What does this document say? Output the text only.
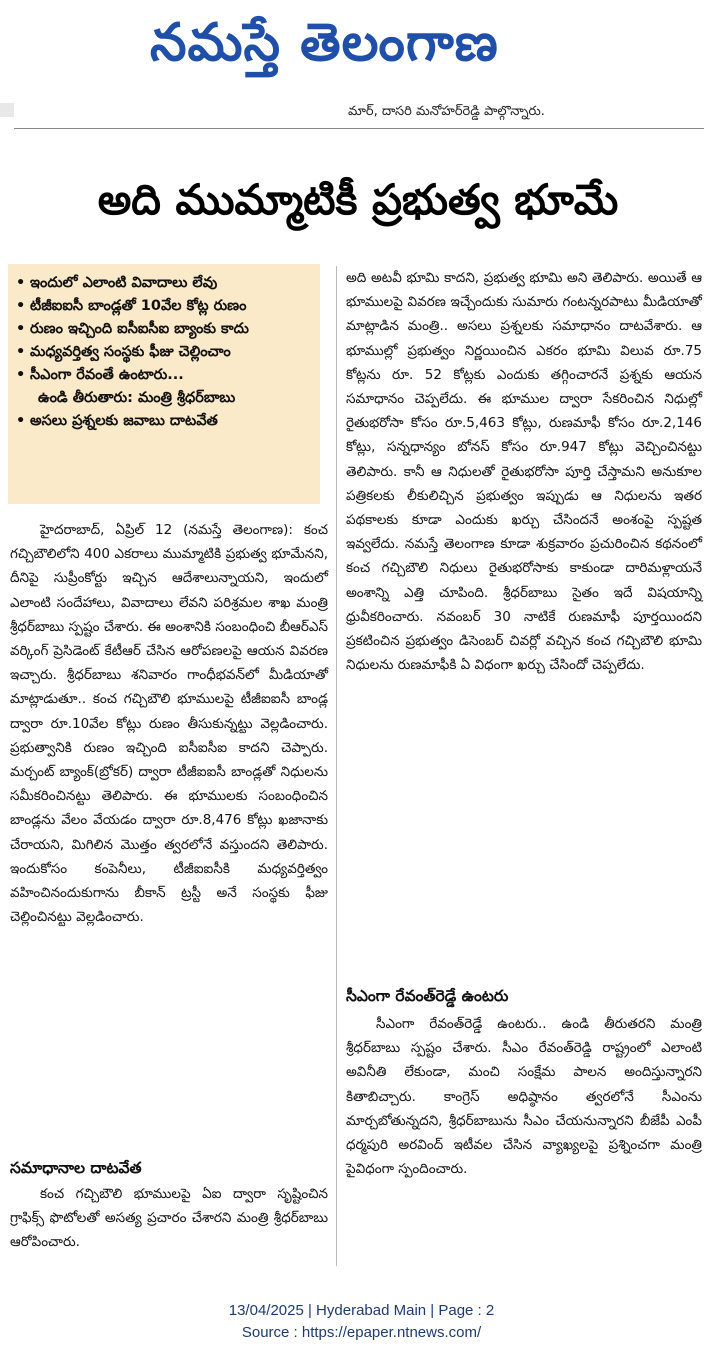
నమస్తే తెలంగాణ
మార్, దాసరి మనోహర్‌రెడ్డి పాల్గొన్నారు.
అది ముమ్మాటికీ ప్రభుత్వ భూమే
• ఇందులో ఎలాంటి వివాదాలు లేవు
• టీజీఐఐసీ బాండ్లతో 10వేల కోట్ల రుణం
• రుణం ఇచ్చింది ఐసీఐసీఐ బ్యాంకు కాదు
• మధ్యవర్తిత్వ సంస్థకు ఫీజు చెల్లించాం
• సీఎంగా రేవంతే ఉంటారు...
ఉండి తీరుతారు: మంత్రి శ్రీధర్‌బాబు
• అసలు ప్రశ్నలకు జవాబు దాటవేత

హైదరాబాద్, ఏప్రిల్ 12 (నమస్తే తెలంగాణ): కంచ గచ్చిబౌలిలోని 400 ఎకరాలు ముమ్మాటికి ప్రభుత్వ భూమేనని, దీనిపై సుప్రీంకోర్టు ఇచ్చిన ఆదేశాలున్నాయని, ఇందులో ఎలాంటి సందేహాలు, వివాదాలు లేవని పరిశ్రమల శాఖ మంత్రి శ్రీధర్‌బాబు స్పష్టం చేశారు. ఈ అంశానికి సంబంధించి బీఆర్‌ఎస్ వర్కింగ్ ప్రెసిడెంట్ కేటీఆర్ చేసిన ఆరోపణలపై ఆయన వివరణ ఇచ్చారు. శ్రీధర్‌బాబు శనివారం గాంధీభవన్‌లో మీడియాతో మాట్లాడుతూ.. కంచ గచ్చిబౌలి భూములపై టీజీఐఐసీ బాండ్ల ద్వారా రూ.10వేల కోట్లు రుణం తీసుకున్నట్టు వెల్లడించారు. ప్రభుత్వానికి రుణం ఇచ్చింది ఐసీఐసీఐ కాదని చెప్పారు. మర్చంట్ బ్యాంక్(బ్రోకర్) ద్వారా టీజీఐఐసీ బాండ్లతో నిధులను సమీకరించినట్టు తెలిపారు. ఈ భూములకు సంబంధించిన బాండ్లను వేలం వేయడం ద్వారా రూ.8,476 కోట్లు ఖజానాకు చేరాయని, మిగిలిన మొత్తం త్వరలోనే వస్తుందని తెలిపారు. ఇందుకోసం కంపెనీలు, టీజీఐఐసీకి మధ్యవర్తిత్వం వహించినందుకుగాను బీకాన్ ట్రస్టీ అనే సంస్థకు ఫీజు చెల్లించినట్టు వెల్లడించారు.

సమాధానాల దాటవేత

కంచ గచ్చిబౌలి భూములపై ఏఐ ద్వారా సృష్టించిన గ్రాఫిక్స్ ఫొటోలతో అసత్య ప్రచారం చేశారని మంత్రి శ్రీధర్‌బాబు ఆరోపించారు.

అది అటవీ భూమి కాదని, ప్రభుత్వ భూమి అని తెలిపారు. అయితే ఆ భూములపై వివరణ ఇచ్చేందుకు సుమారు గంటన్నరపాటు మీడియాతో మాట్లాడిన మంత్రి.. అసలు ప్రశ్నలకు సమాధానం దాటవేశారు. ఆ భూముల్లో ప్రభుత్వం నిర్ణయించిన ఎకరం భూమి విలువ రూ.75 కోట్లను రూ. 52 కోట్లకు ఎందుకు తగ్గించారనే ప్రశ్నకు ఆయన సమాధానం చెప్పలేదు. ఈ భూముల ద్వారా సేకరించిన నిధుల్లో రైతుభరోసా కోసం రూ.5,463 కోట్లు, రుణమాఫీ కోసం రూ.2,146 కోట్లు, సన్నధాన్యం బోనస్ కోసం రూ.947 కోట్లు వెచ్చించినట్టు తెలిపారు. కానీ ఆ నిధులతో రైతుభరోసా పూర్తి చేస్తామని అనుకూల పత్రికలకు లీకులిచ్చిన ప్రభుత్వం ఇప్పుడు ఆ నిధులను ఇతర పథకాలకు కూడా ఎందుకు ఖర్చు చేసిందనే అంశంపై స్పష్టత ఇవ్వలేదు. నమస్తే తెలంగాణ కూడా శుక్రవారం ప్రచురించిన కథనంలో కంచ గచ్చిబౌలి నిధులు రైతుభరోసాకు కాకుండా దారిమళ్లాయనే అంశాన్ని ఎత్తి చూపింది. శ్రీధర్‌బాబు సైతం ఇదే విషయాన్ని ధ్రువీకరించారు. నవంబర్ 30 నాటికే రుణమాఫీ పూర్తయిందని ప్రకటించిన ప్రభుత్వం డిసెంబర్ చివర్లో వచ్చిన కంచ గచ్చిబౌలి భూమి నిధులను రుణమాఫీకి ఏ విధంగా ఖర్చు చేసిందో చెప్పలేదు.

సీఎంగా రేవంత్‌రెడ్డే ఉంటరు

సీఎంగా రేవంత్‌రెడ్డే ఉంటరు.. ఉండి తీరుతరని మంత్రి శ్రీధర్‌బాబు స్పష్టం చేశారు. సీఎం రేవంత్‌రెడ్డి రాష్ట్రంలో ఎలాంటి అవినీతి లేకుండా, మంచి సంక్షేమ పాలన అందిస్తున్నారని కితాబిచ్చారు. కాంగ్రెస్ అధిష్ఠానం త్వరలోనే సీఎంను మార్చబోతున్నదని, శ్రీధర్‌బాబును సీఎం చేయనున్నారని బీజేపీ ఎంపీ ధర్మపురి అరవింద్ ఇటీవల చేసిన వ్యాఖ్యలపై ప్రశ్నించగా మంత్రి పైవిధంగా స్పందించారు.

13/04/2025 | Hyderabad Main | Page : 2
Source : https://epaper.ntnews.com/
